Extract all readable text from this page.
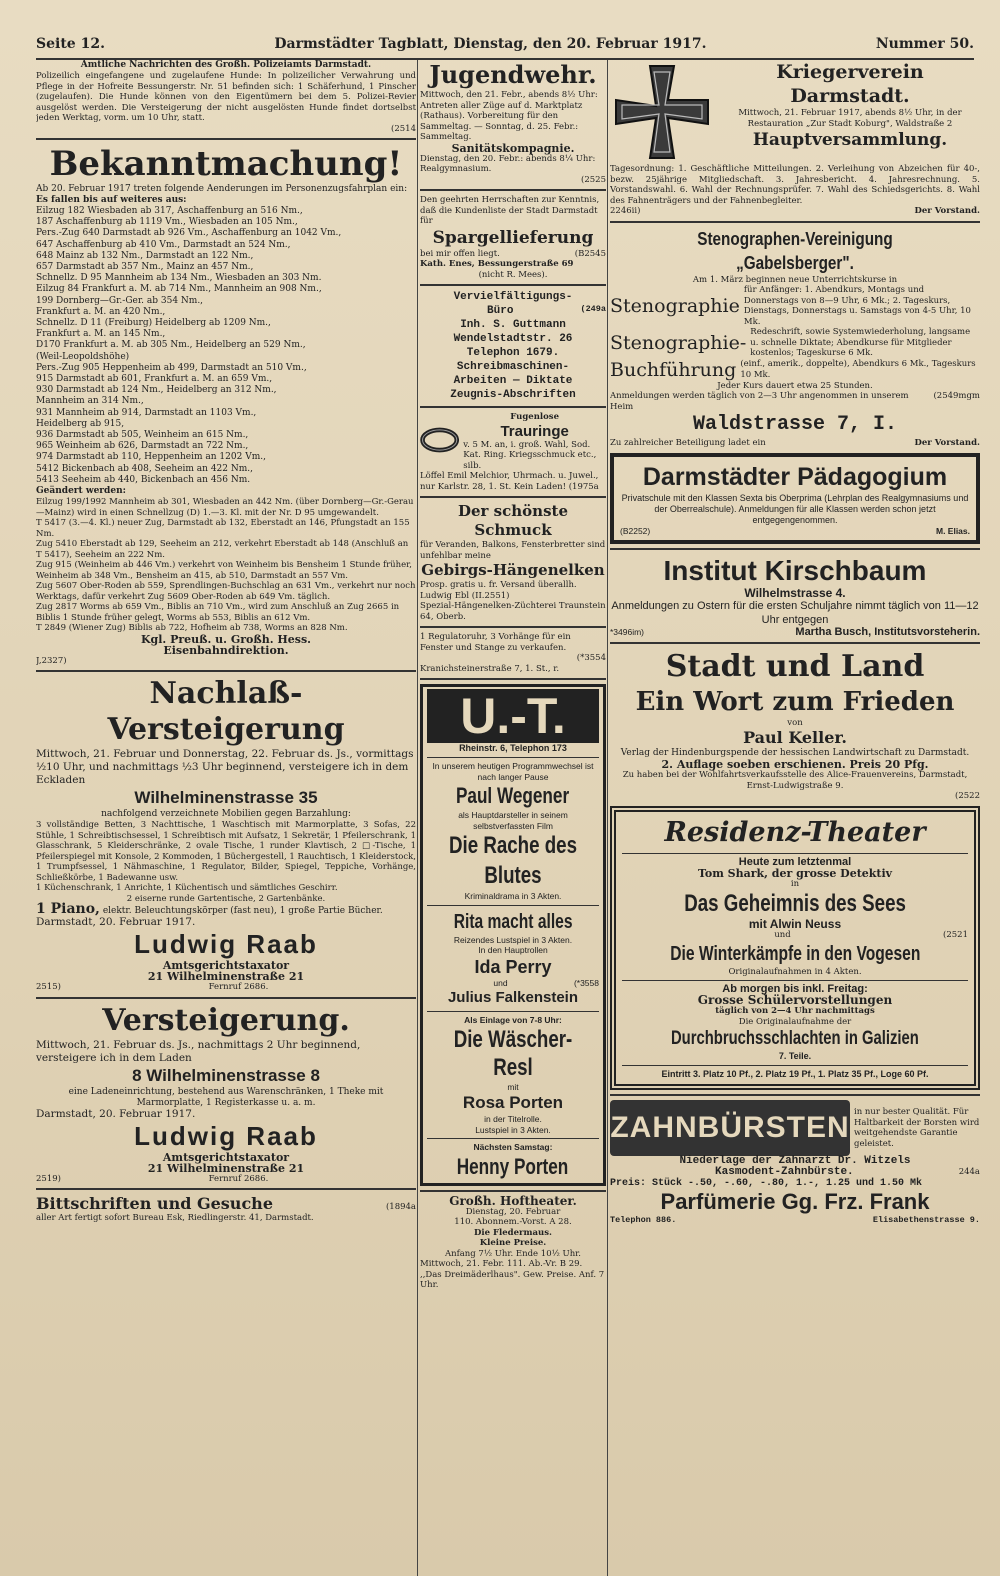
Seite 12.	Darmstädter Tagblatt, Dienstag, den 20. Februar 1917.	Nummer 50.

Amtliche Nachrichten des Großh. Polizeiamts Darmstadt.

Polizeilich eingefangene und zugelaufene Hunde: In polizeilicher Verwahrung und Pflege in der Hofreite Bessungerstr. Nr. 51 befinden sich: 1 Schäferhund, 1 Pinscher (zugelaufen). Die Hunde können von den Eigentümern bei dem 5. Polizei-Revier ausgelöst werden. Die Versteigerung der nicht ausgelösten Hunde findet dortselbst jeden Werktag, vorm. um 10 Uhr, statt.

(2514

Bekanntmachung!

Ab 20. Februar 1917 treten folgende Aenderungen im Personenzugsfahrplan ein:

Es fallen bis auf weiteres aus:

Eilzug 182 Wiesbaden ab 317, Aschaffenburg an 516 Nm.,

187 Aschaffenburg ab 1119 Vm., Wiesbaden an 105 Nm.,

Pers.-Zug 640 Darmstadt ab 926 Vm., Aschaffenburg an 1042 Vm.,

647 Aschaffenburg ab 410 Vm., Darmstadt an 524 Nm.,

648 Mainz ab 132 Nm., Darmstadt an 122 Nm.,

657 Darmstadt ab 357 Nm., Mainz an 457 Nm.,

Schnellz. D 95 Mannheim ab 134 Nm., Wiesbaden an 303 Nm.

Eilzug 84 Frankfurt a. M. ab 714 Nm., Mannheim an 908 Nm.,

199 Dornberg—Gr.-Ger. ab 354 Nm.,

Frankfurt a. M. an 420 Nm.,

Schnellz. D 11 (Freiburg) Heidelberg ab 1209 Nm.,

Frankfurt a. M. an 145 Nm.,

D170 Frankfurt a. M. ab 305 Nm., Heidelberg an 529 Nm.,

(Weil-Leopoldshöhe)

Pers.-Zug 905 Heppenheim ab 499, Darmstadt an 510 Vm.,

915 Darmstadt ab 601, Frankfurt a. M. an 659 Vm.,

930 Darmstadt ab 124 Nm., Heidelberg an 312 Nm.,

Mannheim an 314 Nm.,

931 Mannheim ab 914, Darmstadt an 1103 Vm.,

Heidelberg ab 915,

936 Darmstadt ab 505, Weinheim an 615 Nm.,

965 Weinheim ab 626, Darmstadt an 722 Nm.,

974 Darmstadt ab 110, Heppenheim an 1202 Vm.,

5412 Bickenbach ab 408, Seeheim an 422 Nm.,

5413 Seeheim ab 440, Bickenbach an 456 Nm.

Geändert werden:

Eilzug 199/1992 Mannheim ab 301, Wiesbaden an 442 Nm. (über Dornberg—Gr.-Gerau—Mainz) wird in einen Schnellzug (D) 1.—3. Kl. mit der Nr. D 95 umgewandelt.

T 5417 (3.—4. Kl.) neuer Zug, Darmstadt ab 132, Eberstadt an 146, Pfungstadt an 155 Nm.

Zug 5410 Eberstadt ab 129, Seeheim an 212, verkehrt Eberstadt ab 148 (Anschluß an T 5417), Seeheim an 222 Nm.

Zug 915 (Weinheim ab 446 Vm.) verkehrt von Weinheim bis Bensheim 1 Stunde früher, Weinheim ab 348 Vm., Bensheim an 415, ab 510, Darmstadt an 557 Vm.

Zug 5607 Ober-Roden ab 559, Sprendlingen-Buchschlag an 631 Vm., verkehrt nur noch Werktags, dafür verkehrt Zug 5609 Ober-Roden ab 649 Vm. täglich.

Zug 2817 Worms ab 659 Vm., Biblis an 710 Vm., wird zum Anschluß an Zug 2665 in Biblis 1 Stunde früher gelegt, Worms ab 553, Biblis an 612 Vm.

T 2849 (Wiener Zug) Biblis ab 722, Hofheim ab 738, Worms an 828 Nm.

Kgl. Preuß. u. Großh. Hess.

Eisenbahndirektion.

J,2327)

Nachlaß-Versteigerung

Mittwoch, 21. Februar und Donnerstag, 22. Februar ds. Js., vormittags ½10 Uhr, und nachmittags ½3 Uhr beginnend, versteigere ich in dem Eckladen

Wilhelminenstrasse 35

nachfolgend verzeichnete Mobilien gegen Barzahlung:

3 vollständige Betten, 3 Nachttische, 1 Waschtisch mit Marmorplatte, 3 Sofas, 22 Stühle, 1 Schreibtischsessel, 1 Schreibtisch mit Aufsatz, 1 Sekretär, 1 Pfeilerschrank, 1 Glasschrank, 5 Kleiderschränke, 2 ovale Tische, 1 runder Klavtisch, 2 □-Tische, 1 Pfeilerspiegel mit Konsole, 2 Kommoden, 1 Büchergestell, 1 Rauchtisch, 1 Kleiderstock, 1 Trumpfsessel, 1 Nähmaschine, 1 Regulator, Bilder, Spiegel, Teppiche, Vorhänge, Schließkörbe, 1 Badewanne usw.

1 Küchenschrank, 1 Anrichte, 1 Küchentisch und sämtliches Geschirr.

2 eiserne runde Gartentische, 2 Gartenbänke.

1 Piano, elektr. Beleuchtungskörper (fast neu), 1 große Partie Bücher.

Darmstadt, 20. Februar 1917.

Ludwig Raab

Amtsgerichtstaxator

21 Wilhelminenstraße 21

2515)	Fernruf 2686.

Versteigerung.

Mittwoch, 21. Februar ds. Js., nachmittags 2 Uhr beginnend, versteigere ich in dem Laden

8 Wilhelminenstrasse 8

eine Ladeneinrichtung, bestehend aus Warenschränken, 1 Theke mit Marmorplatte, 1 Registerkasse u. a. m.

Darmstadt, 20. Februar 1917.

Ludwig Raab

Amtsgerichtstaxator

21 Wilhelminenstraße 21

2519)	Fernruf 2686.
Bittschriften und Gesuche	(1894a

aller Art fertigt sofort Bureau Esk, Riedlingerstr. 41, Darmstadt.

Jugendwehr.

Mittwoch, den 21. Febr., abends 8½ Uhr: Antreten aller Züge auf d. Marktplatz (Rathaus). Vorbereitung für den Sammeltag. — Sonntag, d. 25. Febr.: Sammeltag.

Sanitätskompagnie.

Dienstag, den 20. Febr.: abends 8¼ Uhr: Realgymnasium.

(2525

Den geehrten Herrschaften zur Kenntnis, daß die Kundenliste der Stadt Darmstadt für

Spargellieferung

bei mir offen liegt.	(B2545

Kath. Enes, Bessungerstraße 69

(nicht R. Mees).

Vervielfältigungs-

Büro	(249a

Inh. S. Guttmann

Wendelstadtstr. 26

Telephon 1679.

Schreibmaschinen-

Arbeiten — Diktate

Zeugnis-Abschriften

Fugenlose

Trauringe

v. 5 M. an, i. groß. Wahl, Sod. Kat. Ring. Kriegsschmuck etc., silb.

Löffel Emil Melchior, Uhrmach. u. Juwel., nur Karlstr. 28, 1. St. Kein Laden! (1975a

Der schönste Schmuck

für Veranden, Balkons, Fensterbretter sind unfehlbar meine

Gebirgs-Hängenelken

Prosp. gratis u. fr. Versand überallh. Ludwig Ebl (II.2551)

Spezial-Hängenelken-Züchterei Traunstein 64, Oberb.

1 Regulatoruhr, 3 Vorhänge für ein Fenster und Stange zu verkaufen.

(*3554

Kranichsteinerstraße 7, 1. St., r.

U.-T.

Rheinstr. 6, Telephon 173

In unserem heutigen Programmwechsel ist nach langer Pause

Paul Wegener

als Hauptdarsteller in seinem selbstverfassten Film

Die Rache des Blutes

Kriminaldrama in 3 Akten.

Rita macht alles

Reizendes Lustspiel in 3 Akten.

In den Hauptrollen

Ida Perry

und	(*3558

Julius Falkenstein

Als Einlage von 7-8 Uhr:

Die Wäscher-Resl

mit

Rosa Porten

in der Titelrolle.

Lustspiel in 3 Akten.

Nächsten Samstag:

Henny Porten

Großh. Hoftheater.

Dienstag, 20. Februar

110. Abonnem.-Vorst. A 28.

Die Fledermaus.

Kleine Preise.

Anfang 7½ Uhr. Ende 10½ Uhr.

Mittwoch, 21. Febr. 111. Ab.-Vr. B 29. ,,Das Dreimäderlhaus". Gew. Preise. Anf. 7 Uhr.

Kriegerverein Darmstadt.

Mittwoch, 21. Februar 1917, abends 8½ Uhr, in der Restauration „Zur Stadt Koburg", Waldstraße 2

Hauptversammlung.

Tagesordnung: 1. Geschäftliche Mitteilungen. 2. Verleihung von Abzeichen für 40-, bezw. 25jährige Mitgliedschaft. 3. Jahresbericht. 4. Jahresrechnung. 5. Vorstandswahl. 6. Wahl der Rechnungsprüfer. 7. Wahl des Schiedsgerichts. 8. Wahl des Fahnenträgers und der Fahnenbegleiter.

2246ii)	Der Vorstand.

Stenographen-Vereinigung „Gabelsberger".

Am 1. März beginnen neue Unterrichtskurse in

Stenographie
für Anfänger: 1. Abendkurs, Montags und Donnerstags von 8—9 Uhr, 6 Mk.; 2. Tageskurs, Dienstags, Donnerstags u. Samstags von 4-5 Uhr, 10 Mk.
Stenographie- Redeschrift, sowie Systemwiederholung, langsame u. schnelle Diktate; Abendkurse für Mitglieder kostenlos; Tageskurse 6 Mk.
Buchführung (einf., amerik., doppelte), Abendkurs 6 Mk., Tageskurs 10 Mk.

Jeder Kurs dauert etwa 25 Stunden.

Anmeldungen werden täglich von 2—3 Uhr angenommen in unserem Heim
(2549mgm

Waldstrasse 7, I.

Zu zahlreicher Beteiligung ladet ein	Der Vorstand.

Darmstädter Pädagogium

Privatschule mit den Klassen Sexta bis Oberprima (Lehrplan des Realgymnasiums und der Oberrealschule). Anmeldungen für alle Klassen werden schon jetzt entgegengenommen.

(B2252)	M. Elias.

Institut Kirschbaum

Wilhelmstrasse 4.

Anmeldungen zu Ostern für die ersten Schuljahre nimmt täglich von 11—12 Uhr entgegen

*3496im)	Martha Busch, Institutsvorsteherin.

Stadt und Land

Ein Wort zum Frieden

von

Paul Keller.

Verlag der Hindenburgspende der hessischen Landwirtschaft zu Darmstadt.

2. Auflage soeben erschienen. Preis 20 Pfg.

Zu haben bei der Wohlfahrtsverkaufsstelle des Alice-Frauenvereins, Darmstadt, Ernst-Ludwigstraße 9.

(2522

Residenz-Theater

Heute zum letztenmal

Tom Shark, der grosse Detektiv

in

Das Geheimnis des Sees

mit Alwin Neuss

und	(2521

Die Winterkämpfe in den Vogesen

Originalaufnahmen in 4 Akten.

Ab morgen bis inkl. Freitag:

Grosse Schülervorstellungen

täglich von 2—4 Uhr nachmittags

Die Originalaufnahme der

Durchbruchsschlachten in Galizien

7. Teile.

Eintritt 3. Platz 10 Pf., 2. Platz 19 Pf., 1. Platz 35 Pf., Loge 60 Pf.

ZAHNBÜRSTEN in nur bester Qualität. Für Haltbarkeit der Borsten wird weitgehendste Garantie geleistet.

Niederlage der Zahnarzt Dr. Witzels

Kasmodent-Zahnbürste.	244a

Preis: Stück -.50, -.60, -.80, 1.-, 1.25 und 1.50 Mk

Parfümerie Gg. Frz. Frank

Telephon 886.	Elisabethenstrasse 9.
